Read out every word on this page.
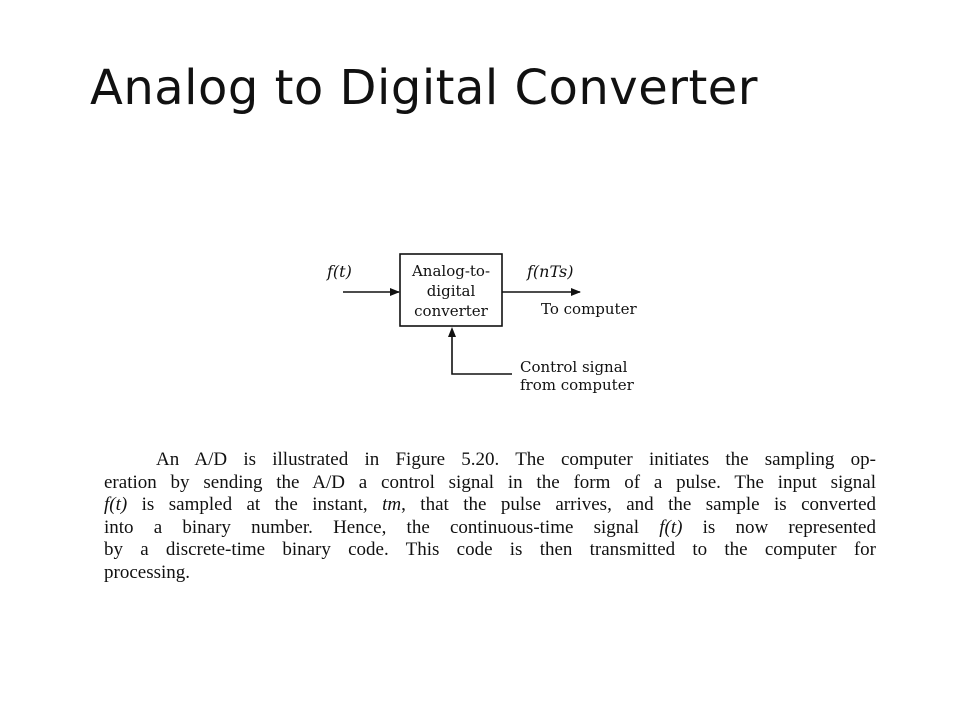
Analog to Digital Converter
f(t)	Analog-to-
digital
converter
f(nTs)
To computer
Control signal
from computer
An A/D is illustrated in Figure 5.20. The computer initiates the sampling op-
eration by sending the A/D a control signal in the form of a pulse. The input signal
f(t) is sampled at the instant, tm, that the pulse arrives, and the sample is converted
into a binary number. Hence, the continuous-time signal f(t) is now represented
by a discrete-time binary code. This code is then transmitted to the computer for
processing.
